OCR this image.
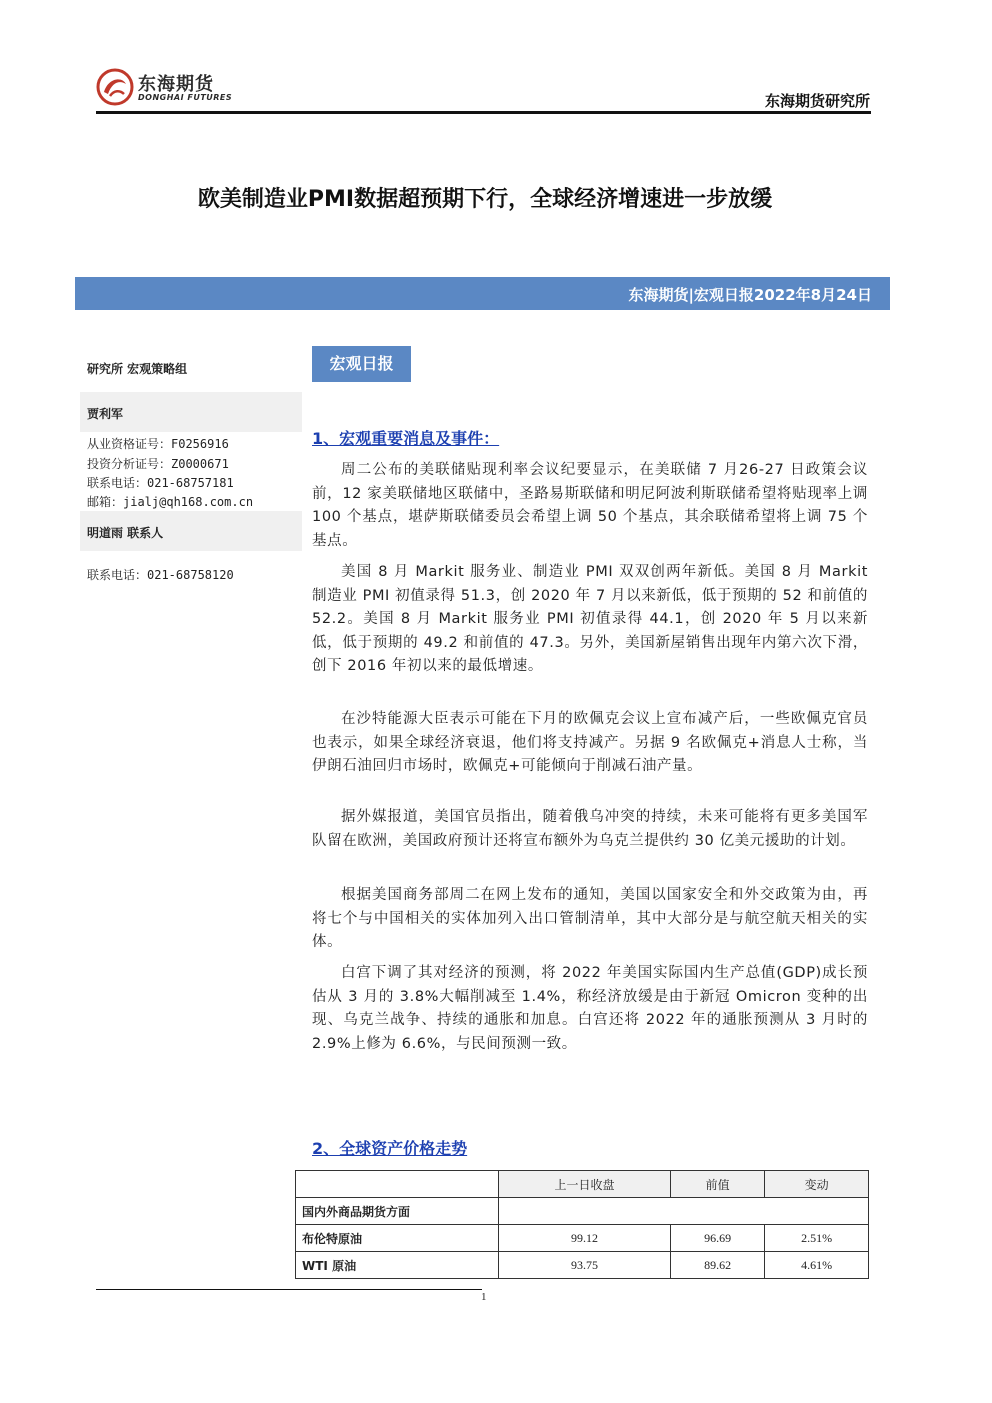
东海期货
DONGHAI FUTURES	东海期货研究所
欧美制造业PMI数据超预期下行，全球经济增速进一步放缓
东海期货|宏观日报2022年8月24日
研究所 宏观策略组
贾利军
从业资格证号：F0256916
投资分析证号：Z0000671
联系电话：021-68757181
邮箱：jialj@qh168.com.cn
明道雨 联系人
联系电话：021-68758120
宏观日报
1、宏观重要消息及事件：

周二公布的美联储贴现利率会议纪要显示，在美联储 7 月26-27 日政策会议前，12 家美联储地区联储中，圣路易斯联储和明尼阿波利斯联储希望将贴现率上调 100 个基点，堪萨斯联储委员会希望上调 50 个基点，其余联储希望将上调 75 个基点。

美国 8 月 Markit 服务业、制造业 PMI 双双创两年新低。美国 8 月 Markit 制造业 PMI 初值录得 51.3，创 2020 年 7 月以来新低，低于预期的 52 和前值的 52.2。美国 8 月 Markit 服务业 PMI 初值录得 44.1，创 2020 年 5 月以来新低，低于预期的 49.2 和前值的 47.3。另外，美国新屋销售出现年内第六次下滑，创下 2016 年初以来的最低增速。

在沙特能源大臣表示可能在下月的欧佩克会议上宣布减产后，一些欧佩克官员也表示，如果全球经济衰退，他们将支持减产。另据 9 名欧佩克+消息人士称，当伊朗石油回归市场时，欧佩克+可能倾向于削减石油产量。

据外媒报道，美国官员指出，随着俄乌冲突的持续，未来可能将有更多美国军队留在欧洲，美国政府预计还将宣布额外为乌克兰提供约 30 亿美元援助的计划。

根据美国商务部周二在网上发布的通知，美国以国家安全和外交政策为由，再将七个与中国相关的实体加列入出口管制清单，其中大部分是与航空航天相关的实体。

白宫下调了其对经济的预测，将 2022 年美国实际国内生产总值(GDP)成长预估从 3 月的 3.8%大幅削减至 1.4%，称经济放缓是由于新冠 Omicron 变种的出现、乌克兰战争、持续的通胀和加息。白宫还将 2022 年的通胀预测从 3 月时的 2.9%上修为 6.6%，与民间预测一致。

2、全球资产价格走势
	上一日收盘	前值	变动
国内外商品期货方面			
布伦特原油	99.12	96.69	2.51%
WTI 原油	93.75	89.62	4.61%
1
